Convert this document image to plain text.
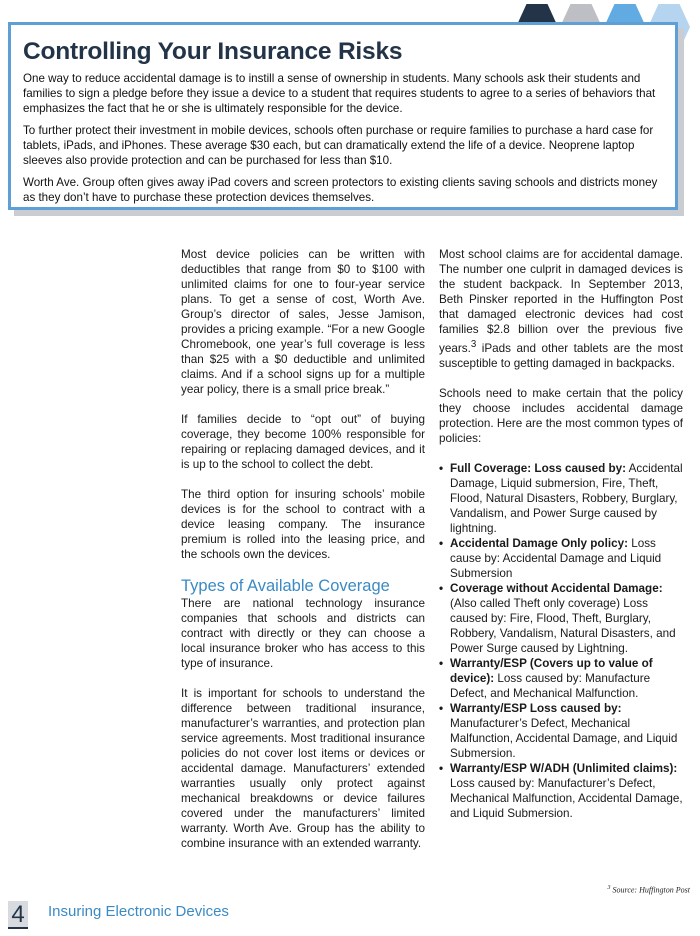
Controlling Your Insurance Risks

One way to reduce accidental damage is to instill a sense of ownership in students. Many schools ask their students and families to sign a pledge before they issue a device to a student that requires students to agree to a series of behaviors that emphasizes the fact that he or she is ultimately responsible for the device.

To further protect their investment in mobile devices, schools often purchase or require families to purchase a hard case for tablets, iPads, and iPhones. These average $30 each, but can dramatically extend the life of a device. Neoprene laptop sleeves also provide protection and can be purchased for less than $10.

Worth Ave. Group often gives away iPad covers and screen protectors to existing clients saving schools and districts money as they don’t have to purchase these protection devices themselves.

Most device policies can be written with deductibles that range from $0 to $100 with unlimited claims for one to four-year service plans. To get a sense of cost, Worth Ave. Group’s director of sales, Jesse Jamison, provides a pricing example. “For a new Google Chromebook, one year’s full coverage is less than $25 with a $0 deductible and unlimited claims. And if a school signs up for a multiple year policy, there is a small price break.”

If families decide to “opt out” of buying coverage, they become 100% responsible for repairing or replacing damaged devices, and it is up to the school to collect the debt.

The third option for insuring schools’ mobile devices is for the school to contract with a device leasing company. The insurance premium is rolled into the leasing price, and the schools own the devices.

Types of Available Coverage

There are national technology insurance companies that schools and districts can contract with directly or they can choose a local insurance broker who has access to this type of insurance.

It is important for schools to understand the difference between traditional insurance, manufacturer’s warranties, and protection plan service agreements. Most traditional insurance policies do not cover lost items or devices or accidental damage. Manufacturers’ extended warranties usually only protect against mechanical breakdowns or device failures covered under the manufacturers’ limited warranty. Worth Ave. Group has the ability to combine insurance with an extended warranty.

Most school claims are for accidental damage. The number one culprit in damaged devices is the student backpack. In September 2013, Beth Pinsker reported in the Huffington Post that damaged electronic devices had cost families $2.8 billion over the previous five years.$^3$ iPads and other tablets are the most susceptible to getting damaged in backpacks.

Schools need to make certain that the policy they choose includes accidental damage protection. Here are the most common types of policies:

• Full Coverage: Loss caused by: Accidental Damage, Liquid submersion, Fire, Theft, Flood, Natural Disasters, Robbery, Burglary, Vandalism, and Power Surge caused by lightning.
• Accidental Damage Only policy: Loss cause by: Accidental Damage and Liquid Submersion
• Coverage without Accidental Damage: (Also called Theft only coverage) Loss caused by: Fire, Flood, Theft, Burglary, Robbery, Vandalism, Natural Disasters, and Power Surge caused by Lightning.
• Warranty/ESP (Covers up to value of device): Loss caused by: Manufacture Defect, and Mechanical Malfunction.
• Warranty/ESP Loss caused by: Manufacturer’s Defect, Mechanical Malfunction, Accidental Damage, and Liquid Submersion.
• Warranty/ESP W/ADH (Unlimited claims): Loss caused by: Manufacturer’s Defect, Mechanical Malfunction, Accidental Damage, and Liquid Submersion.
$^3$ Source: Huffington Post
4 Insuring Electronic Devices
